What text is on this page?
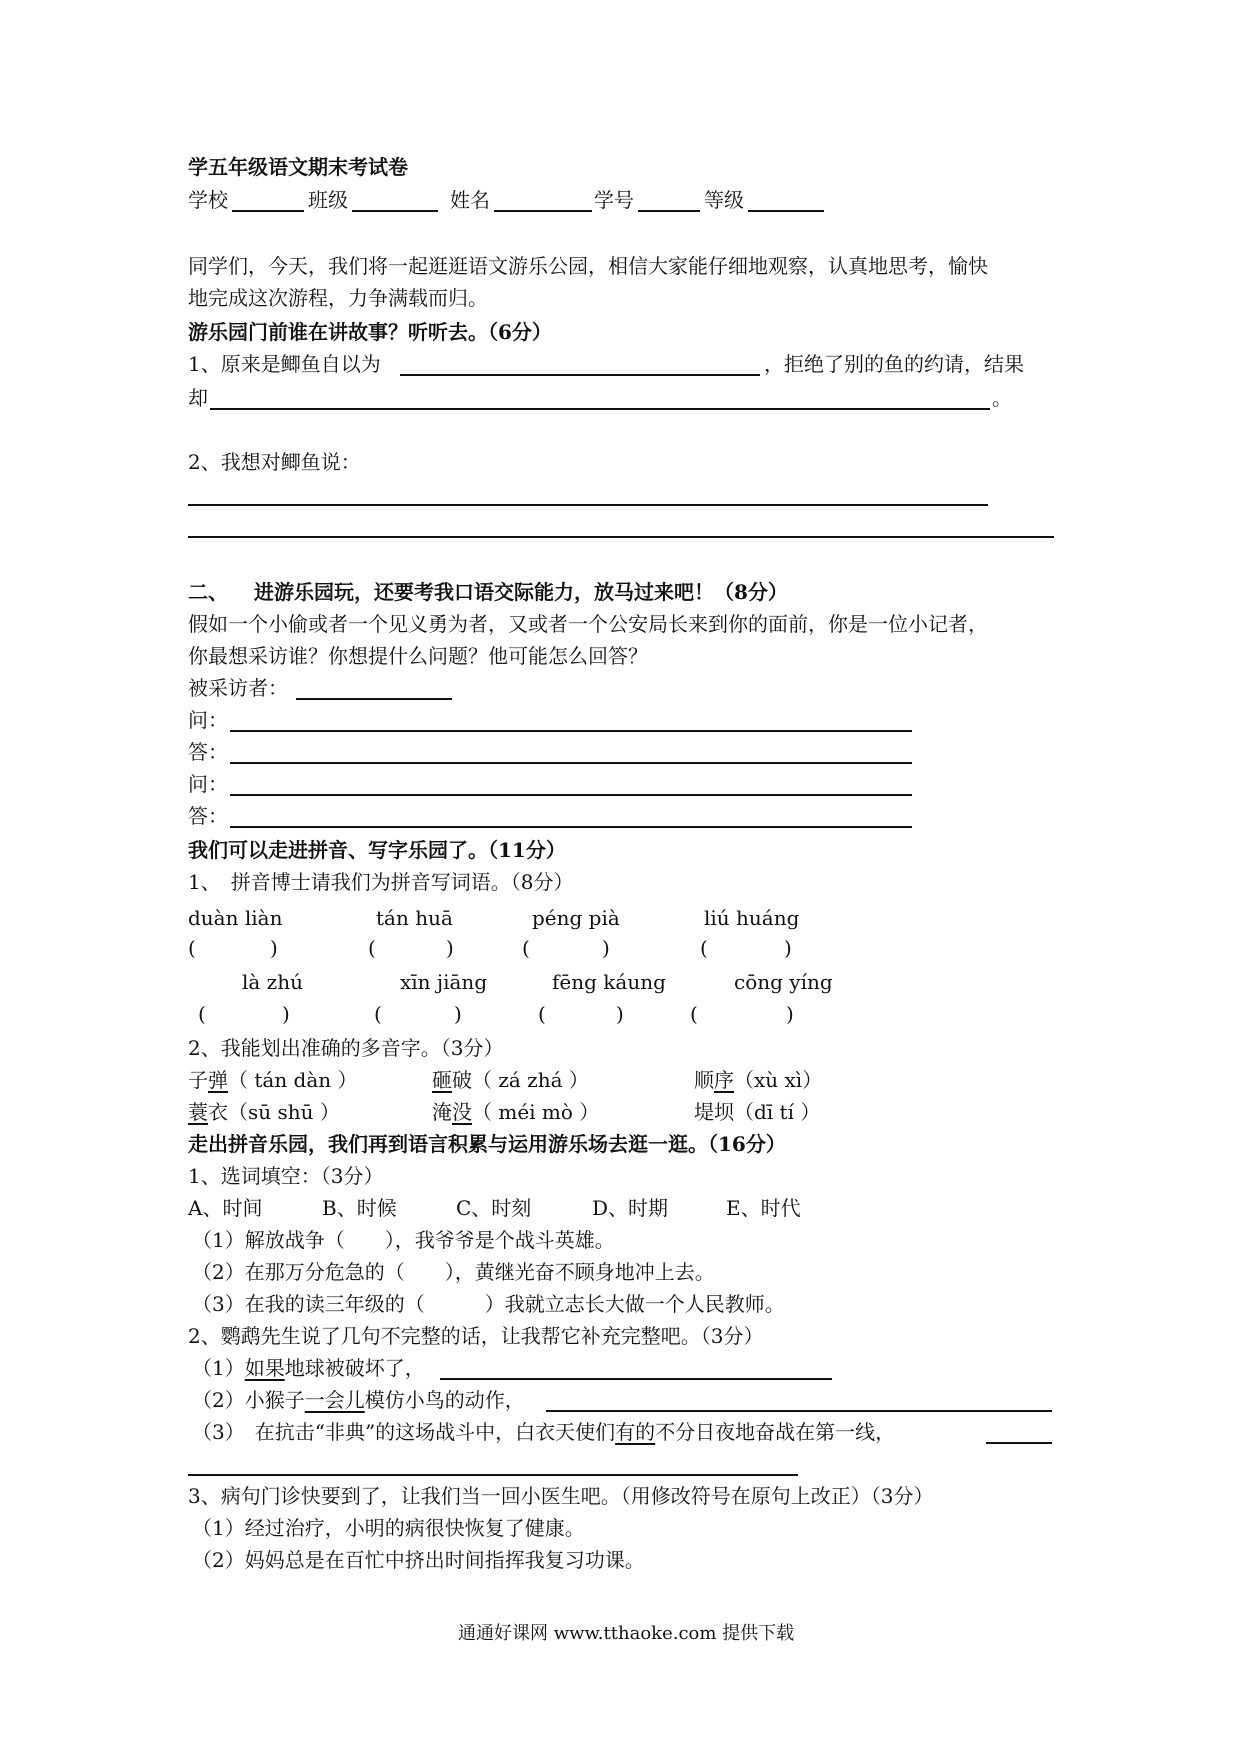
学五年级语文期末考试卷
学校	班级	姓名	学号	等级
同学们，今天，我们将一起逛逛语文游乐公园，相信大家能仔细地观察，认真地思考，愉快
地完成这次游程，力争满载而归。
游乐园门前谁在讲故事？听听去。（6分）
1、原来是鲫鱼自以为	，拒绝了别的鱼的约请，结果
却	。
2、我想对鲫鱼说：
二、 进游乐园玩，还要考我口语交际能力，放马过来吧！（8分）
假如一个小偷或者一个见义勇为者，又或者一个公安局长来到你的面前，你是一位小记者，
你最想采访谁？你想提什么问题？他可能怎么回答？
被采访者：
问：
答：
问：
答：
我们可以走进拼音、写字乐园了。（11分）
1、　拼音博士请我们为拼音写词语。（8分）
duàn liàn	tán huā	péng pià	liú huáng
(	)	(	)	(	)	(	)
là zhú	xīn jiāng	fēng káung	cōng yíng
(	)	(	)	(	)	(	)
2、我能划出准确的多音字。（3分）
子弹（ tán dàn ）	砸破（ zá zhá ）	顺序（xù xì）
蓑衣（sū shū ）	淹没（ méi mò ）	堤坝（dī tí ）
走出拼音乐园，我们再到语言积累与运用游乐场去逛一逛。（16分）
1、选词填空：（3分）
A、时间	B、时候	C、时刻	D、时期	E、时代
（1）解放战争（　　），我爷爷是个战斗英雄。
（2）在那万分危急的（　　），黄继光奋不顾身地冲上去。
（3）在我的读三年级的（　　　）我就立志长大做一个人民教师。
2、鹦鹉先生说了几句不完整的话，让我帮它补充完整吧。（3分）
（1）如果地球被破坏了，
（2）小猴子一会儿模仿小鸟的动作，
（3）　在抗击“非典”的这场战斗中，白衣天使们有的不分日夜地奋战在第一线，
3、病句门诊快要到了，让我们当一回小医生吧。（用修改符号在原句上改正）（3分）
（1）经过治疗，小明的病很快恢复了健康。
（2）妈妈总是在百忙中挤出时间指挥我复习功课。
通通好课网 www.tthaoke.com 提供下载
